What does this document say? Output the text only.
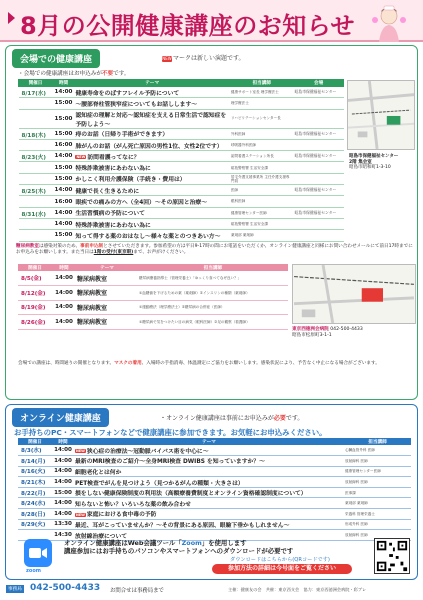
8月の公開健康講座のお知らせ
会場での健康講座	NEWマークは新しい演題です。
・会場での健康講座はお申込みが不要です。
開催日	時間	テーマ	担当講師	会場
8/17(水)	14:00	健康寿命をのばすフレイル予防について	健康サポート室長 理学療法士	昭島市保健福祉センター
	15:00	～腰部脊柱管狭窄症についてもお話しします～	理学療法士	
	15:00	認知症の理解と対応～認知症を支える日常生活で認知症を予防しよう～	リハビリテーションセンター長	
8/18(木)	15:00	痔のお話（日帰り手術ができます）	外科医師	昭島市保健福祉センター
	16:00	肺がんのお話（がん死亡原因の男性1位、女性2位です）	呼吸器外科医師	
8/23(火)	14:00	NEW 訪問看護ってなに？	訪問看護ステーション所長	昭島市保健福祉センター
	15:00	特殊詐欺被害にあわない為に	昭島警察署 生活安全課	
	15:00	かしこく利用介護保険（手続き・費用は）	居宅介護支援事業所 主任介護支援専門員	
8/25(木)	14:00	健康で長く生きるために	医師	昭島市保健福祉センター
	16:00	眼疾での痛みの方へ（全4回）～その原因と治療～	眼科医師	
8/31(水)	14:00	生活習慣病の予防について	健康管理センター医師	昭島市保健福祉センター
	14:00	特殊詐欺被害にあわない為に	昭島警察署 生活安全課	
	15:00	知って得する薬のおはなし～様々な薬とのつきあい方～	薬剤部 薬剤師	
昭島市保健福祉センター
2階 集会室
昭島市昭和町1-3-10
糖尿病教室は感染対策のため、事前申込制とさせていただきます。参加希望の方は平日9-17時の間にお電話をいただくか、オンライン健康講座と同様にお問い合わせメールにて前日17時までにお申込みをお願いします。また当日は1階の受付(東京眼)まで、お声がけください。
開催日	時間	テーマ	担当講師
8/5(金)	14:00	糖尿病教室	糖尿病療養指導士（管理栄養士）「ゆっくり食べてなぜ良い？」
8/12(金)	14:00	糖尿病教室	①血糖値を下げるための薬（薬剤師）②インスリンの種類（薬剤師）
8/19(金)	14:00	糖尿病教室	①運動療法（理学療法士）②糖尿病の合併症（医師）
8/26(金)	14:00	糖尿病教室	①糖尿病で気をつけたい目の病気（眼科医師）②足の観察（看護師）
東京西徳洲会病院 042-500-4433
昭島市松原町3-1-1
会場での講座は、時間通りの開催となります。マスクの着用、入場時の手指消毒、体温測定にご協力をお願いします。感染状況により、予告なく中止になる場合がございます。
オンライン健康講座	・オンライン健康講座は事前にお申込みが必要です。
お手持ちのPC・スマートフォンなどで健康講座に参加できます。お気軽にお申込みください。
開催日	時間	テーマ	担当講師
8/3(水)	14:00	NEW 狭心症の治療法～冠動脈バイパス術を中心に～	心臓血管外科 医師
8/14(月)	14:00	最新のMRI検査のご紹介～全身MRI検査 DWIBS を知っていますか？～	放射線科 医師
8/16(火)	14:00	細胞老化とは何か	健康管理センター医師
8/21(木)	14:00	PET検査でがんを見つけよう（見つかるがんの種類・大きさは）	放射線科 医師
8/22(月)	15:00	損をしない健康保険制度の利用法（高額療養費制度とオンライン資格確認制度について）	医事課
8/24(水)	14:00	知らないと怖い？いろいろな薬の飲み合わせ	薬剤部 薬剤師
8/28(日)	14:00	NEW 家庭における食中毒の予防	栄養科 管理栄養士
8/29(火)	13:30	最近、耳がこっていませんか？～その背景にある原因、眼瞼下垂かもしれません～	形成外科 医師
	14:30	放射線治療について	放射線科 医師
zoom
オンライン健康講座はWeb会議ツール「Zoom」を使用します
講座参加にはお手持ちのパソコンやスマートフォンへのダウンロードが必要です
ダウンロードはこちらから(QRコードです)
参加方法の詳細は今号面をご覧ください
事務局 042-500-4433 お問合せは事務局まで	主催：健康友の会　共催：東京西支会　協力：東京西徳洲会病院・彩ブレ
